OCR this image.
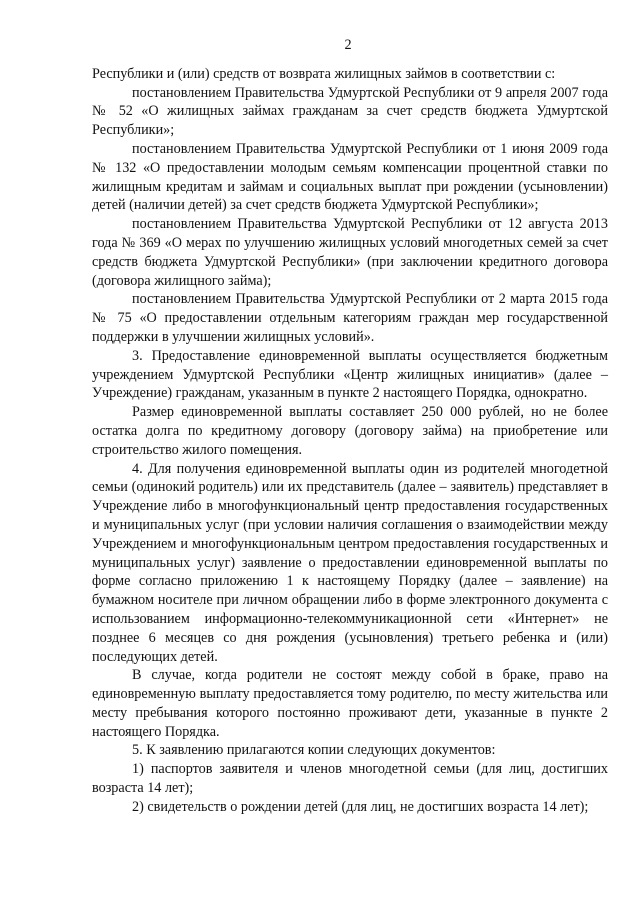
2

Республики и (или) средств от возврата жилищных займов в соответствии с:

постановлением Правительства Удмуртской Республики от 9 апреля 2007 года № 52 «О жилищных займах гражданам за счет средств бюджета Удмуртской Республики»;

постановлением Правительства Удмуртской Республики от 1 июня 2009 года № 132 «О предоставлении молодым семьям компенсации процентной ставки по жилищным кредитам и займам и социальных выплат при рождении (усыновлении) детей (наличии детей) за счет средств бюджета Удмуртской Республики»;

постановлением Правительства Удмуртской Республики от 12 августа 2013 года № 369 «О мерах по улучшению жилищных условий многодетных семей за счет средств бюджета Удмуртской Республики» (при заключении кредитного договора (договора жилищного займа);

постановлением Правительства Удмуртской Республики от 2 марта 2015 года № 75 «О предоставлении отдельным категориям граждан мер государственной поддержки в улучшении жилищных условий».

3. Предоставление единовременной выплаты осуществляется бюджетным учреждением Удмуртской Республики «Центр жилищных инициатив» (далее – Учреждение) гражданам, указанным в пункте 2 настоящего Порядка, однократно.

Размер единовременной выплаты составляет 250 000 рублей, но не более остатка долга по кредитному договору (договору займа) на приобретение или строительство жилого помещения.

4. Для получения единовременной выплаты один из родителей многодетной семьи (одинокий родитель) или их представитель (далее – заявитель) представляет в Учреждение либо в многофункциональный центр предоставления государственных и муниципальных услуг (при условии наличия соглашения о взаимодействии между Учреждением и многофункциональным центром предоставления государственных и муниципальных услуг) заявление о предоставлении единовременной выплаты по форме согласно приложению 1 к настоящему Порядку (далее – заявление) на бумажном носителе при личном обращении либо в форме электронного документа с использованием информационно-телекоммуникационной сети «Интернет» не позднее 6 месяцев со дня рождения (усыновления) третьего ребенка и (или) последующих детей.

В случае, когда родители не состоят между собой в браке, право на единовременную выплату предоставляется тому родителю, по месту жительства или месту пребывания которого постоянно проживают дети, указанные в пункте 2 настоящего Порядка.

5. К заявлению прилагаются копии следующих документов:

1) паспортов заявителя и членов многодетной семьи (для лиц, достигших возраста 14 лет);

2) свидетельств о рождении детей (для лиц, не достигших возраста 14 лет);
